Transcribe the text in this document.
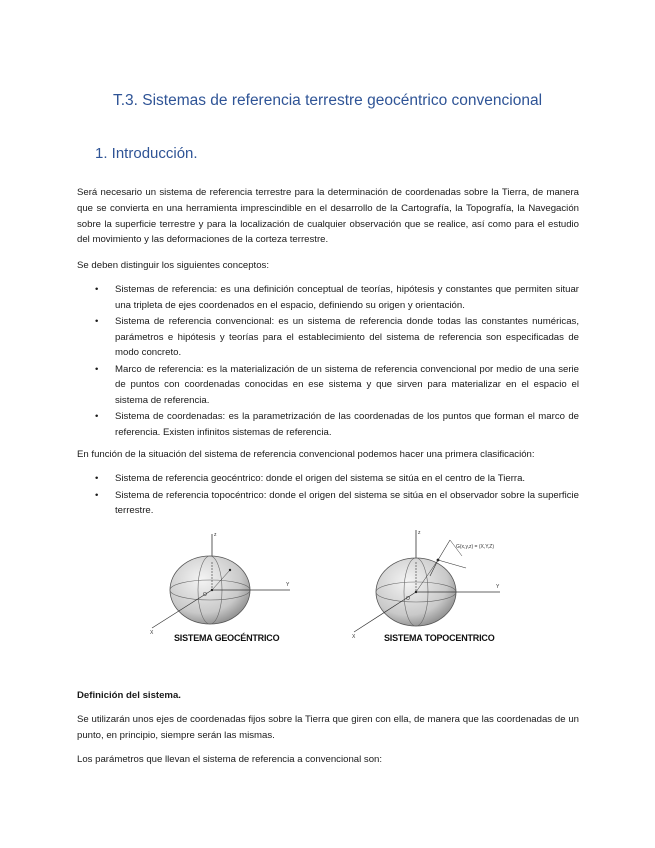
T.3. Sistemas de referencia terrestre geocéntrico convencional
1. Introducción.

Será necesario un sistema de referencia terrestre para la determinación de coordenadas sobre la Tierra, de manera que se convierta en una herramienta imprescindible en el desarrollo de la Cartografía, la Topografía, la Navegación sobre la superficie terrestre y para la localización de cualquier observación que se realice, así como para el estudio del movimiento y las deformaciones de la corteza terrestre.

Se deben distinguir los siguientes conceptos:

• Sistemas de referencia: es una definición conceptual de teorías, hipótesis y constantes que permiten situar una tripleta de ejes coordenados en el espacio, definiendo su origen y orientación.
• Sistema de referencia convencional: es un sistema de referencia donde todas las constantes numéricas, parámetros e hipótesis y teorías para el establecimiento del sistema de referencia son especificadas de modo concreto.
• Marco de referencia: es la materialización de un sistema de referencia convencional por medio de una serie de puntos con coordenadas conocidas en ese sistema y que sirven para materializar en el espacio el sistema de referencia.
• Sistema de coordenadas: es la parametrización de las coordenadas de los puntos que forman el marco de referencia. Existen infinitos sistemas de referencia.

En función de la situación del sistema de referencia convencional podemos hacer una primera clasificación:

• Sistema de referencia geocéntrico: donde el origen del sistema se sitúa en el centro de la Tierra.
• Sistema de referencia topocéntrico: donde el origen del sistema se sitúa en el observador sobre la superficie terrestre.
z
Y
X
O
SISTEMA GEOCÉNTRICO
z
Y
X
O
G(x,y,z) = (X,Y,Z)
SISTEMA TOPOCENTRICO

Definición del sistema.

Se utilizarán unos ejes de coordenadas fijos sobre la Tierra que giren con ella, de manera que las coordenadas de un punto, en principio, siempre serán las mismas.

Los parámetros que llevan el sistema de referencia a convencional son:
